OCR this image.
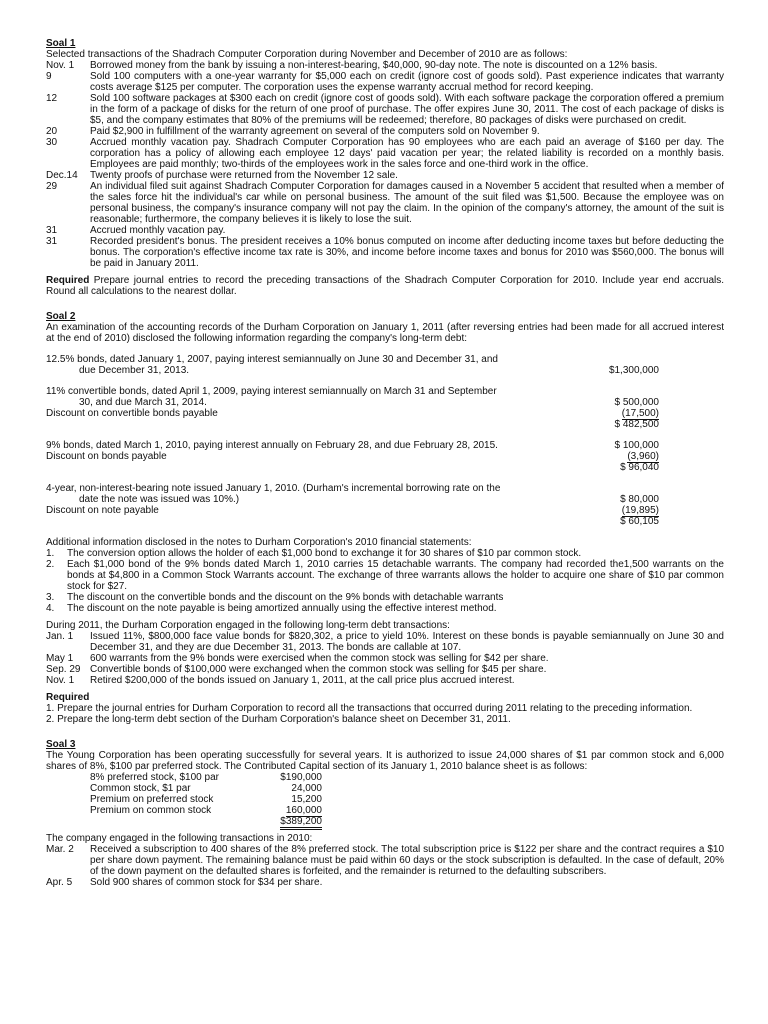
Soal 1

Selected transactions of the Shadrach Computer Corporation during November and December of 2010 are as follows:

Nov. 1	Borrowed money from the bank by issuing a non-interest-bearing, $40,000, 90-day note. The note is discounted on a 12% basis.
9	Sold 100 computers with a one-year warranty for $5,000 each on credit (ignore cost of goods sold). Past experience indicates that warranty costs average $125 per computer. The corporation uses the expense warranty accrual method for record keeping.
12	Sold 100 software packages at $300 each on credit (ignore cost of goods sold). With each software package the corporation offered a premium in the form of a package of disks for the return of one proof of purchase. The offer expires June 30, 2011. The cost of each package of disks is $5, and the company estimates that 80% of the premiums will be redeemed; therefore, 80 packages of disks were purchased on credit.
20	Paid $2,900 in fulfillment of the warranty agreement on several of the computers sold on November 9.
30	Accrued monthly vacation pay. Shadrach Computer Corporation has 90 employees who are each paid an average of $160 per day. The corporation has a policy of allowing each employee 12 days' paid vacation per year; the related liability is recorded on a monthly basis. Employees are paid monthly; two-thirds of the employees work in the sales force and one-third work in the office.
Dec.14	Twenty proofs of purchase were returned from the November 12 sale.
29	An individual filed suit against Shadrach Computer Corporation for damages caused in a November 5 accident that resulted when a member of the sales force hit the individual's car while on personal business. The amount of the suit filed was $1,500. Because the employee was on personal business, the company's insurance company will not pay the claim. In the opinion of the company's attorney, the amount of the suit is reasonable; furthermore, the company believes it is likely to lose the suit.
31	Accrued monthly vacation pay.
31	Recorded president's bonus. The president receives a 10% bonus computed on income after deducting income taxes but before deducting the bonus. The corporation's effective income tax rate is 30%, and income before income taxes and bonus for 2010 was $560,000. The bonus will be paid in January 2011.

Required Prepare journal entries to record the preceding transactions of the Shadrach Computer Corporation for 2010. Include year end accruals. Round all calculations to the nearest dollar.

Soal 2

An examination of the accounting records of the Durham Corporation on January 1, 2011 (after reversing entries had been made for all accrued interest at the end of 2010) disclosed the following information regarding the company's long-term debt:

12.5% bonds, dated January 1, 2007, paying interest semiannually on June 30 and December 31, and
due December 31, 2013.	$1,300,000
11% convertible bonds, dated April 1, 2009, paying interest semiannually on March 31 and September
30, and due March 31, 2014.	$ 500,000
Discount on convertible bonds payable	(17,500)

$ 482,500
9% bonds, dated March 1, 2010, paying interest annually on February 28, and due February 28, 2015.	$ 100,000
Discount on bonds payable	(3,960)

$ 96,040
4-year, non-interest-bearing note issued January 1, 2010. (Durham's incremental borrowing rate on the
date the note was issued was 10%.)	$ 80,000
Discount on note payable	(19,895)

$ 60,105

Additional information disclosed in the notes to Durham Corporation's 2010 financial statements:

1.	The conversion option allows the holder of each $1,000 bond to exchange it for 30 shares of $10 par common stock.
2.	Each $1,000 bond of the 9% bonds dated March 1, 2010 carries 15 detachable warrants. The company had recorded the1,500 warrants on the bonds at $4,800 in a Common Stock Warrants account. The exchange of three warrants allows the holder to acquire one share of $10 par common stock for $27.
3.	The discount on the convertible bonds and the discount on the 9% bonds with detachable warrants
4.	The discount on the note payable is being amortized annually using the effective interest method.

During 2011, the Durham Corporation engaged in the following long-term debt transactions:

Jan. 1	Issued 11%, $800,000 face value bonds for $820,302, a price to yield 10%. Interest on these bonds is payable semiannually on June 30 and December 31, and they are due December 31, 2013. The bonds are callable at 107.
May 1	600 warrants from the 9% bonds were exercised when the common stock was selling for $42 per share.
Sep. 29 Convertible bonds of $100,000 were exchanged when the common stock was selling for $45 per share.
Nov. 1	Retired $200,000 of the bonds issued on January 1, 2011, at the call price plus accrued interest.
Required

1. Prepare the journal entries for Durham Corporation to record all the transactions that occurred during 2011 relating to the preceding information.

2. Prepare the long-term debt section of the Durham Corporation's balance sheet on December 31, 2011.

Soal 3

The Young Corporation has been operating successfully for several years. It is authorized to issue 24,000 shares of $1 par common stock and 6,000 shares of 8%, $100 par preferred stock. The Contributed Capital section of its January 1, 2010 balance sheet is as follows:

8% preferred stock, $100 par	$190,000
Common stock, $1 par	24,000
Premium on preferred stock	15,200
Premium on common stock	160,000

$389,200

The company engaged in the following transactions in 2010:

Mar. 2	Received a subscription to 400 shares of the 8% preferred stock. The total subscription price is $122 per share and the contract requires a $10 per share down payment. The remaining balance must be paid within 60 days or the stock subscription is defaulted. In the case of default, 20% of the down payment on the defaulted shares is forfeited, and the remainder is returned to the defaulting subscribers.
Apr. 5	Sold 900 shares of common stock for $34 per share.
